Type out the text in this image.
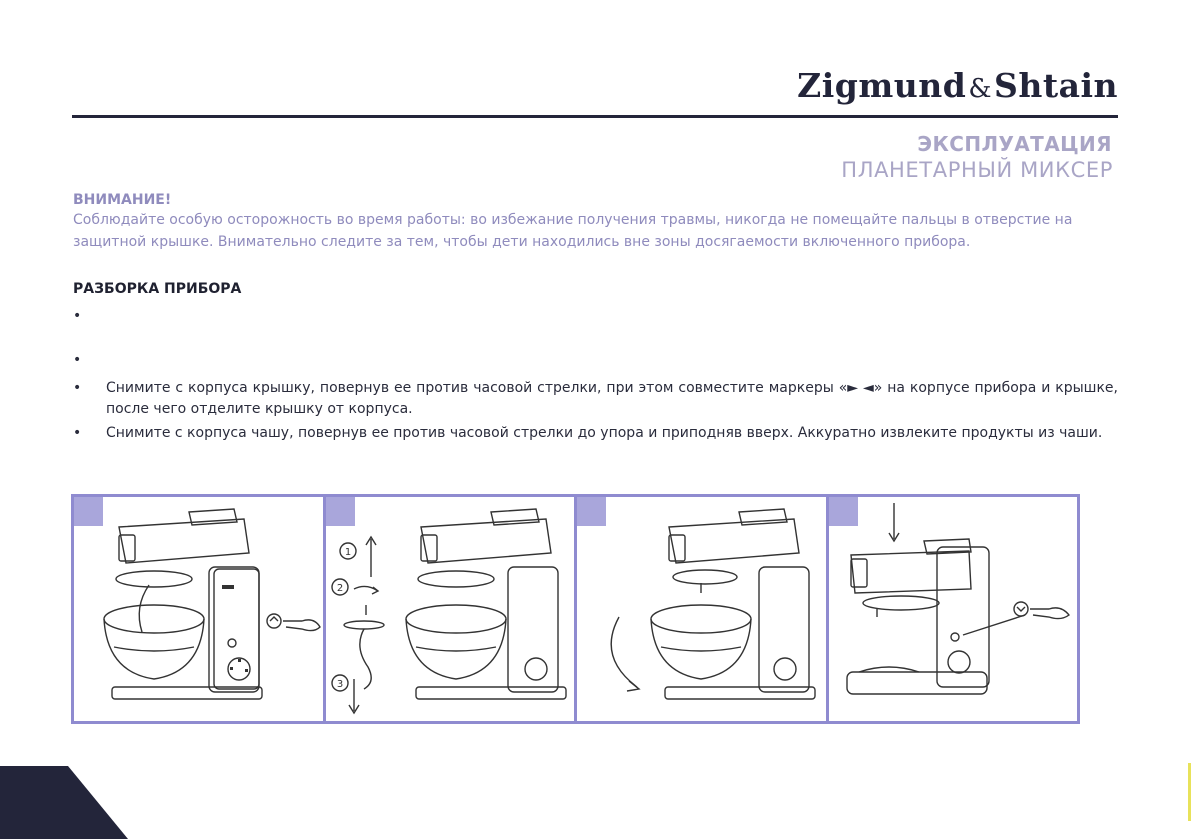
Zigmund&Shtain
ЭКСПЛУАТАЦИЯ
ПЛАНЕТАРНЫЙ МИКСЕР
ВНИМАНИЕ!
Соблюдайте особую осторожность во время работы: во избежание получения травмы, никогда не помещайте пальцы в отверстие на защитной крышке. Внимательно следите за тем, чтобы дети находились вне зоны досягаемости включенного прибора.
РАЗБОРКА ПРИБОРА
•
•
• Снимите с корпуса крышку, повернув ее против часовой стрелки, при этом совместите маркеры «► ◄» на корпусе прибора и крышке, после чего отделите крышку от корпуса.
• Снимите с корпуса чашу, повернув ее против часовой стрелки до упора и приподняв вверх. Аккуратно извлеките продукты из чаши.
1
2
3
